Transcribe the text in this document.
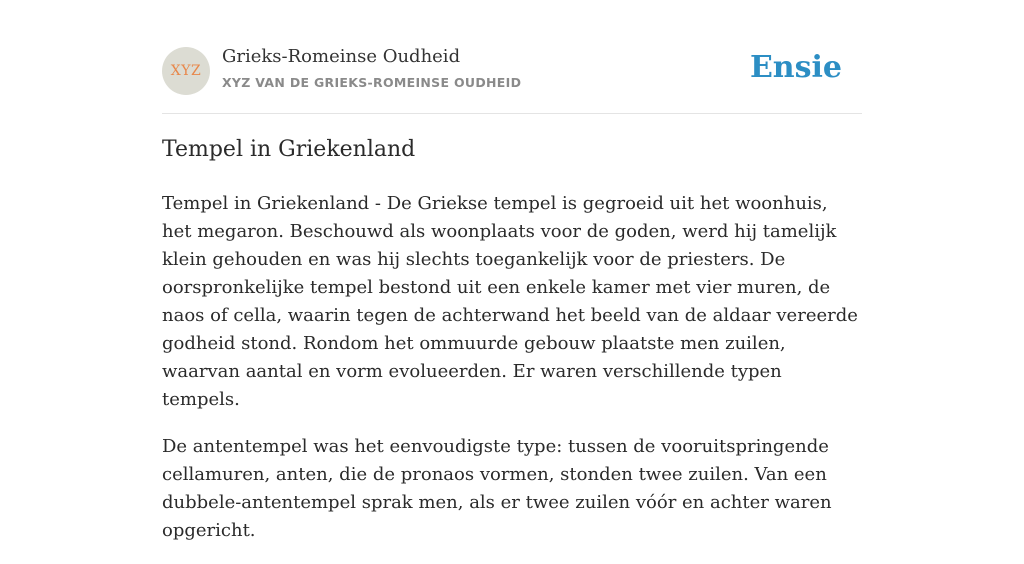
XYZ
Grieks-Romeinse Oudheid
XYZ VAN DE GRIEKS-ROMEINSE OUDHEID	Ensie
Tempel in Griekenland

Tempel in Griekenland - De Griekse tempel is gegroeid uit het woonhuis, het megaron. Beschouwd als woonplaats voor de goden, werd hij tamelijk klein gehouden en was hij slechts toegankelijk voor de priesters. De oorspronkelijke tempel bestond uit een enkele kamer met vier muren, de naos of cella, waarin tegen de achterwand het beeld van de aldaar vereerde godheid stond. Rondom het ommuurde gebouw plaatste men zuilen, waarvan aantal en vorm evolueerden. Er waren verschillende typen tempels.

De antentempel was het eenvoudigste type: tussen de vooruitspringende cellamuren, anten, die de pronaos vormen, stonden twee zuilen. Van een dubbele-antentempel sprak men, als er twee zuilen vóór en achter waren opgericht.
